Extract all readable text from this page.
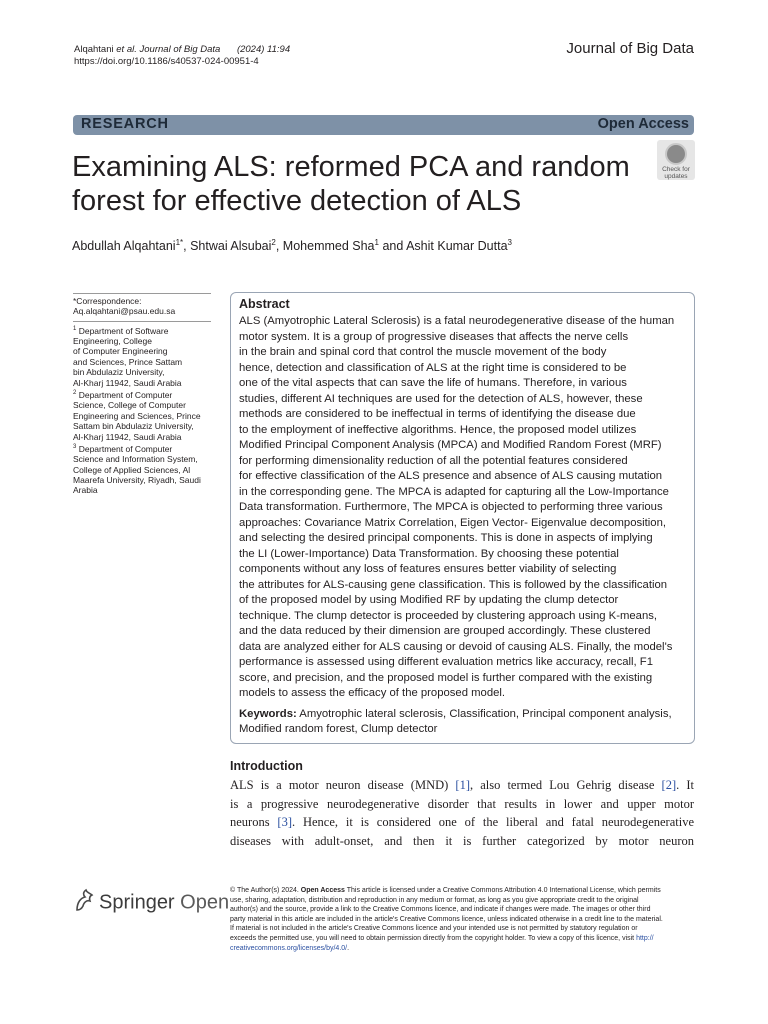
Alqahtani et al. Journal of Big Data (2024) 11:94
https://doi.org/10.1186/s40537-024-00951-4
Journal of Big Data
RESEARCH	Open Access
Examining ALS: reformed PCA and random
forest for effective detection of ALS
Check for
updates
Abdullah Alqahtani$^{1*}$, Shtwai Alsubai$^2$, Mohemmed Sha$^1$ and Ashit Kumar Dutta$^3$
*Correspondence:
Aq.alqahtani@psau.edu.sa
$^1$ Department of Software
Engineering, College
of Computer Engineering
and Sciences, Prince Sattam
bin Abdulaziz University,
Al-Kharj 11942, Saudi Arabia
$^2$ Department of Computer
Science, College of Computer
Engineering and Sciences, Prince
Sattam bin Abdulaziz University,
Al-Kharj 11942, Saudi Arabia
$^3$ Department of Computer
Science and Information System,
College of Applied Sciences, Al
Maarefa University, Riyadh, Saudi
Arabia
Abstract
ALS (Amyotrophic Lateral Sclerosis) is a fatal neurodegenerative disease of the human
motor system. It is a group of progressive diseases that affects the nerve cells
in the brain and spinal cord that control the muscle movement of the body
hence, detection and classification of ALS at the right time is considered to be
one of the vital aspects that can save the life of humans. Therefore, in various
studies, different AI techniques are used for the detection of ALS, however, these
methods are considered to be ineffectual in terms of identifying the disease due
to the employment of ineffective algorithms. Hence, the proposed model utilizes
Modified Principal Component Analysis (MPCA) and Modified Random Forest (MRF)
for performing dimensionality reduction of all the potential features considered
for effective classification of the ALS presence and absence of ALS causing mutation
in the corresponding gene. The MPCA is adapted for capturing all the Low-Importance
Data transformation. Furthermore, The MPCA is objected to performing three various
approaches: Covariance Matrix Correlation, Eigen Vector- Eigenvalue decomposition,
and selecting the desired principal components. This is done in aspects of implying
the LI (Lower-Importance) Data Transformation. By choosing these potential
components without any loss of features ensures better viability of selecting
the attributes for ALS-causing gene classification. This is followed by the classification
of the proposed model by using Modified RF by updating the clump detector
technique. The clump detector is proceeded by clustering approach using K-means,
and the data reduced by their dimension are grouped accordingly. These clustered
data are analyzed either for ALS causing or devoid of causing ALS. Finally, the model's
performance is assessed using different evaluation metrics like accuracy, recall, F1
score, and precision, and the proposed model is further compared with the existing
models to assess the efficacy of the proposed model.
Keywords: Amyotrophic lateral sclerosis, Classification, Principal component analysis,
Modified random forest, Clump detector
Introduction
ALS is a motor neuron disease (MND) [1], also termed Lou Gehrig disease [2]. It
is a progressive neurodegenerative disorder that results in lower and upper motor
neurons [3]. Hence, it is considered one of the liberal and fatal neurodegenerative
diseases with adult-onset, and then it is further categorized by motor neuron
Springer Open
© The Author(s) 2024. Open Access This article is licensed under a Creative Commons Attribution 4.0 International License, which permits
use, sharing, adaptation, distribution and reproduction in any medium or format, as long as you give appropriate credit to the original
author(s) and the source, provide a link to the Creative Commons licence, and indicate if changes were made. The images or other third
party material in this article are included in the article's Creative Commons licence, unless indicated otherwise in a credit line to the material.
If material is not included in the article's Creative Commons licence and your intended use is not permitted by statutory regulation or
exceeds the permitted use, you will need to obtain permission directly from the copyright holder. To view a copy of this licence, visit http://
creativecommons.org/licenses/by/4.0/.
